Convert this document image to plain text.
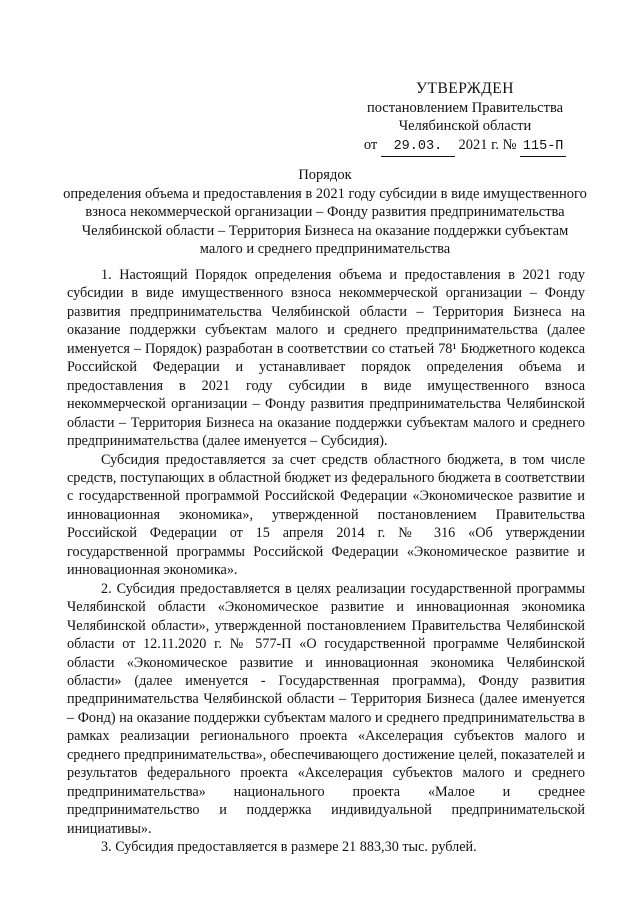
УТВЕРЖДЕН
постановлением Правительства
Челябинской области
от 29.03. 2021 г. № 115-П
Порядок
определения объема и предоставления в 2021 году субсидии в виде имущественного взноса некоммерческой организации – Фонду развития предпринимательства Челябинской области – Территория Бизнеса на оказание поддержки субъектам малого и среднего предпринимательства

1. Настоящий Порядок определения объема и предоставления в 2021 году субсидии в виде имущественного взноса некоммерческой организации – Фонду развития предпринимательства Челябинской области – Территория Бизнеса на оказание поддержки субъектам малого и среднего предпринимательства (далее именуется – Порядок) разработан в соответствии со статьей 78¹ Бюджетного кодекса Российской Федерации и устанавливает порядок определения объема и предоставления в 2021 году субсидии в виде имущественного взноса некоммерческой организации – Фонду развития предпринимательства Челябинской области – Территория Бизнеса на оказание поддержки субъектам малого и среднего предпринимательства (далее именуется – Субсидия).

Субсидия предоставляется за счет средств областного бюджета, в том числе средств, поступающих в областной бюджет из федерального бюджета в соответствии с государственной программой Российской Федерации «Экономическое развитие и инновационная экономика», утвержденной постановлением Правительства Российской Федерации от 15 апреля 2014 г. № 316 «Об утверждении государственной программы Российской Федерации «Экономическое развитие и инновационная экономика».

2. Субсидия предоставляется в целях реализации государственной программы Челябинской области «Экономическое развитие и инновационная экономика Челябинской области», утвержденной постановлением Правительства Челябинской области от 12.11.2020 г. № 577-П «О государственной программе Челябинской области «Экономическое развитие и инновационная экономика Челябинской области» (далее именуется - Государственная программа), Фонду развития предпринимательства Челябинской области – Территория Бизнеса (далее именуется – Фонд) на оказание поддержки субъектам малого и среднего предпринимательства в рамках реализации регионального проекта «Акселерация субъектов малого и среднего предпринимательства», обеспечивающего достижение целей, показателей и результатов федерального проекта «Акселерация субъектов малого и среднего предпринимательства» национального проекта «Малое и среднее предпринимательство и поддержка индивидуальной предпринимательской инициативы».

3. Субсидия предоставляется в размере 21 883,30 тыс. рублей.
